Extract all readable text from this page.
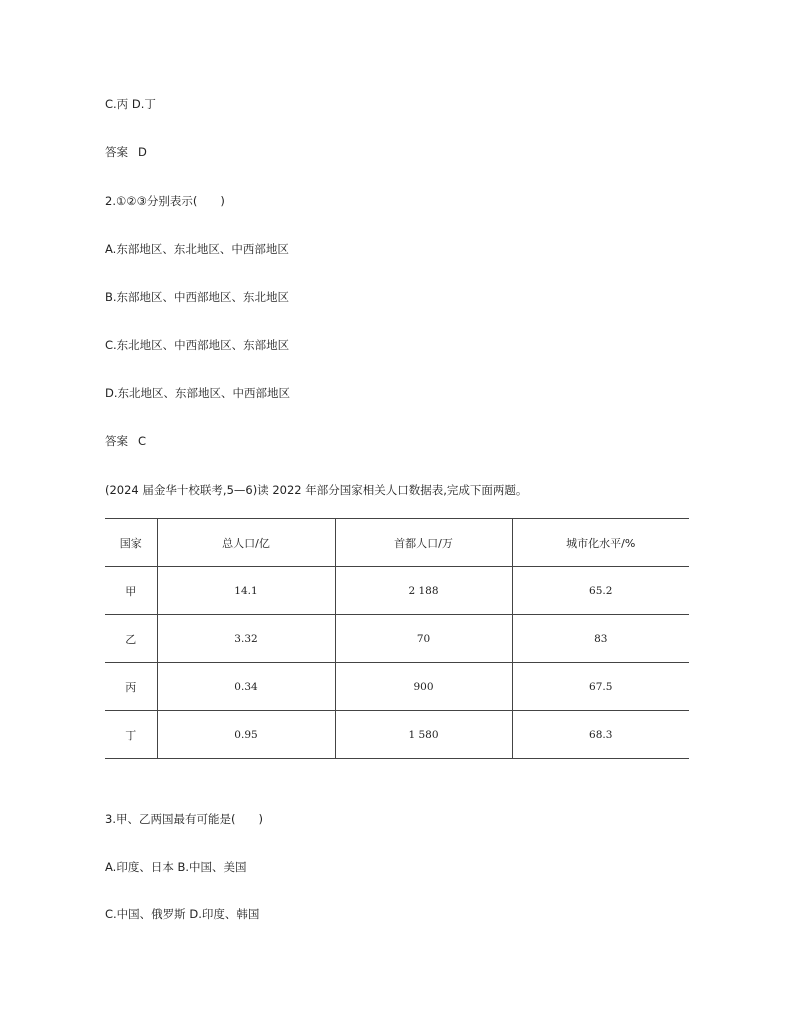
C.丙 D.丁
答案 D
2.①②③分别表示(　　)
A.东部地区、东北地区、中西部地区
B.东部地区、中西部地区、东北地区
C.东北地区、中西部地区、东部地区
D.东北地区、东部地区、中西部地区
答案 C
(2024 届金华十校联考,5—6)读 2022 年部分国家相关人口数据表,完成下面两题。
国家	总人口/亿	首都人口/万	城市化水平/%
甲	14.1	2 188	65.2
乙	3.32	70	83
丙	0.34	900	67.5
丁	0.95	1 580	68.3
3.甲、乙两国最有可能是(　　)
A.印度、日本 B.中国、美国
C.中国、俄罗斯 D.印度、韩国
